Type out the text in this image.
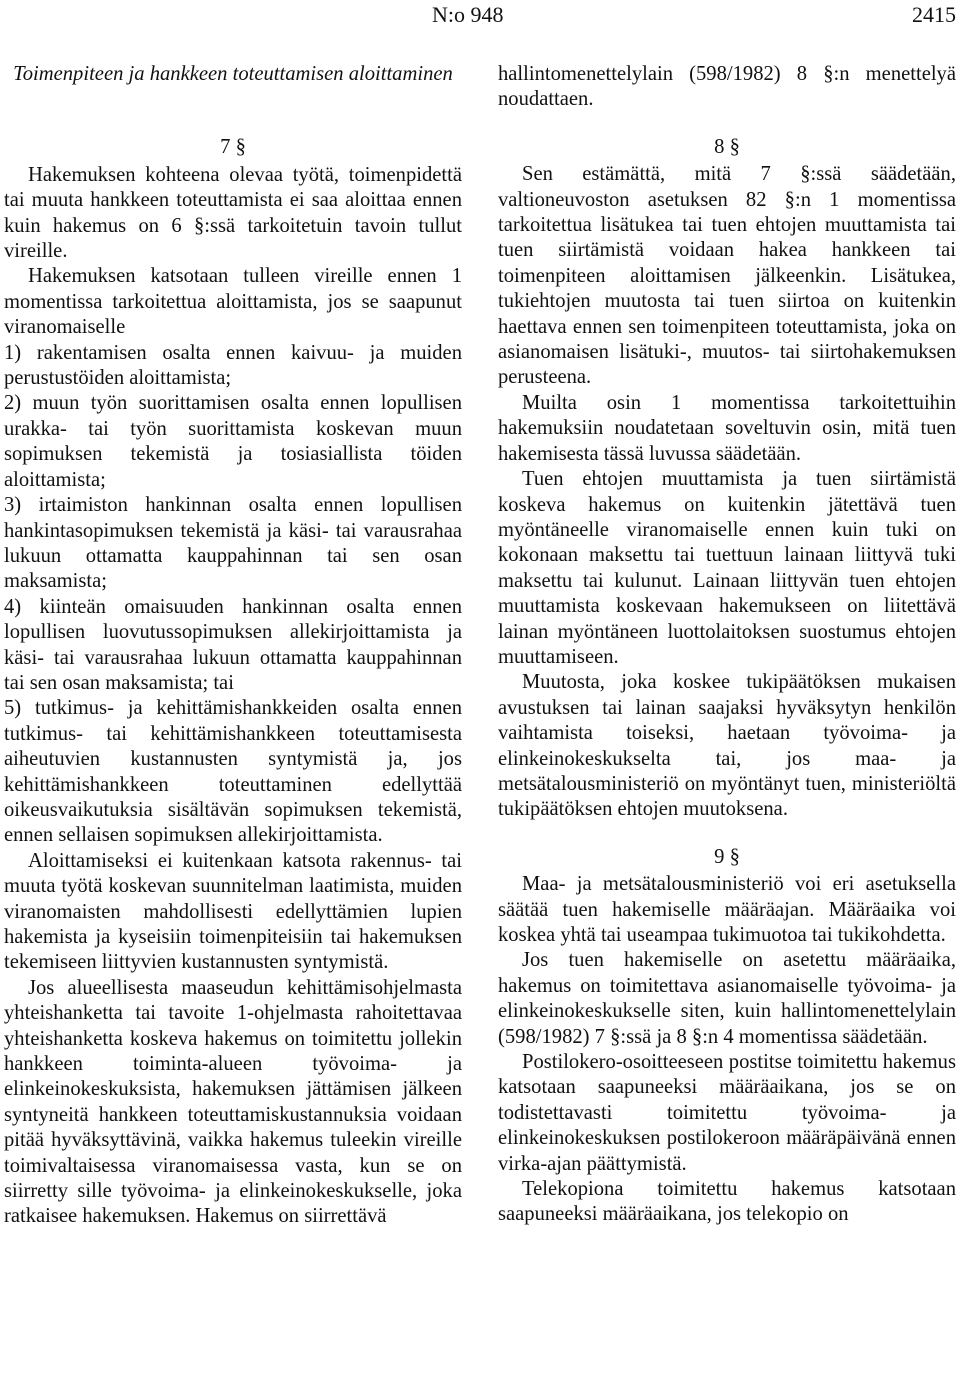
N:o 948	2415
Toimenpiteen ja hankkeen toteuttamisen aloittaminen
7 §

Hakemuksen kohteena olevaa työtä, toimenpidettä tai muuta hankkeen toteuttamista ei saa aloittaa ennen kuin hakemus on 6 §:ssä tarkoitetuin tavoin tullut vireille.

Hakemuksen katsotaan tulleen vireille ennen 1 momentissa tarkoitettua aloittamista, jos se saapunut viranomaiselle

1) rakentamisen osalta ennen kaivuu- ja muiden perustustöiden aloittamista;

2) muun työn suorittamisen osalta ennen lopullisen urakka- tai työn suorittamista koskevan muun sopimuksen tekemistä ja tosiasiallista töiden aloittamista;

3) irtaimiston hankinnan osalta ennen lopullisen hankintasopimuksen tekemistä ja käsi- tai varausrahaa lukuun ottamatta kauppahinnan tai sen osan maksamista;

4) kiinteän omaisuuden hankinnan osalta ennen lopullisen luovutussopimuksen allekirjoittamista ja käsi- tai varausrahaa lukuun ottamatta kauppahinnan tai sen osan maksamista; tai

5) tutkimus- ja kehittämishankkeiden osalta ennen tutkimus- tai kehittämishankkeen toteuttamisesta aiheutuvien kustannusten syntymistä ja, jos kehittämishankkeen toteuttaminen edellyttää oikeusvaikutuksia sisältävän sopimuksen tekemistä, ennen sellaisen sopimuksen allekirjoittamista.

Aloittamiseksi ei kuitenkaan katsota rakennus- tai muuta työtä koskevan suunnitelman laatimista, muiden viranomaisten mahdollisesti edellyttämien lupien hakemista ja kyseisiin toimenpiteisiin tai hakemuksen tekemiseen liittyvien kustannusten syntymistä.

Jos alueellisesta maaseudun kehittämisohjelmasta yhteishanketta tai tavoite 1-ohjelmasta rahoitettavaa yhteishanketta koskeva hakemus on toimitettu jollekin hankkeen toiminta-alueen työvoima- ja elinkeinokeskuksista, hakemuksen jättämisen jälkeen syntyneitä hankkeen toteuttamiskustannuksia voidaan pitää hyväksyttävinä, vaikka hakemus tuleekin vireille toimivaltaisessa viranomaisessa vasta, kun se on siirretty sille työvoima- ja elinkeinokeskukselle, joka ratkaisee hakemuksen. Hakemus on siirrettävä

hallintomenettelylain (598/1982) 8 §:n menettelyä noudattaen.

8 §

Sen estämättä, mitä 7 §:ssä säädetään, valtioneuvoston asetuksen 82 §:n 1 momentissa tarkoitettua lisätukea tai tuen ehtojen muuttamista tai tuen siirtämistä voidaan hakea hankkeen tai toimenpiteen aloittamisen jälkeenkin. Lisätukea, tukiehtojen muutosta tai tuen siirtoa on kuitenkin haettava ennen sen toimenpiteen toteuttamista, joka on asianomaisen lisätuki-, muutos- tai siirtohakemuksen perusteena.

Muilta osin 1 momentissa tarkoitettuihin hakemuksiin noudatetaan soveltuvin osin, mitä tuen hakemisesta tässä luvussa säädetään.

Tuen ehtojen muuttamista ja tuen siirtämistä koskeva hakemus on kuitenkin jätettävä tuen myöntäneelle viranomaiselle ennen kuin tuki on kokonaan maksettu tai tuettuun lainaan liittyvä tuki maksettu tai kulunut. Lainaan liittyvän tuen ehtojen muuttamista koskevaan hakemukseen on liitettävä lainan myöntäneen luottolaitoksen suostumus ehtojen muuttamiseen.

Muutosta, joka koskee tukipäätöksen mukaisen avustuksen tai lainan saajaksi hyväksytyn henkilön vaihtamista toiseksi, haetaan työvoima- ja elinkeinokeskukselta tai, jos maa- ja metsätalousministeriö on myöntänyt tuen, ministeriöltä tukipäätöksen ehtojen muutoksena.

9 §

Maa- ja metsätalousministeriö voi eri asetuksella säätää tuen hakemiselle määräajan. Määräaika voi koskea yhtä tai useampaa tukimuotoa tai tukikohdetta.

Jos tuen hakemiselle on asetettu määräaika, hakemus on toimitettava asianomaiselle työvoima- ja elinkeinokeskukselle siten, kuin hallintomenettelylain (598/1982) 7 §:ssä ja 8 §:n 4 momentissa säädetään.

Postilokero-osoitteeseen postitse toimitettu hakemus katsotaan saapuneeksi määräaikana, jos se on todistettavasti toimitettu työvoima- ja elinkeinokeskuksen postilokeroon määräpäivänä ennen virka-ajan päättymistä.

Telekopiona toimitettu hakemus katsotaan saapuneeksi määräaikana, jos telekopio on
